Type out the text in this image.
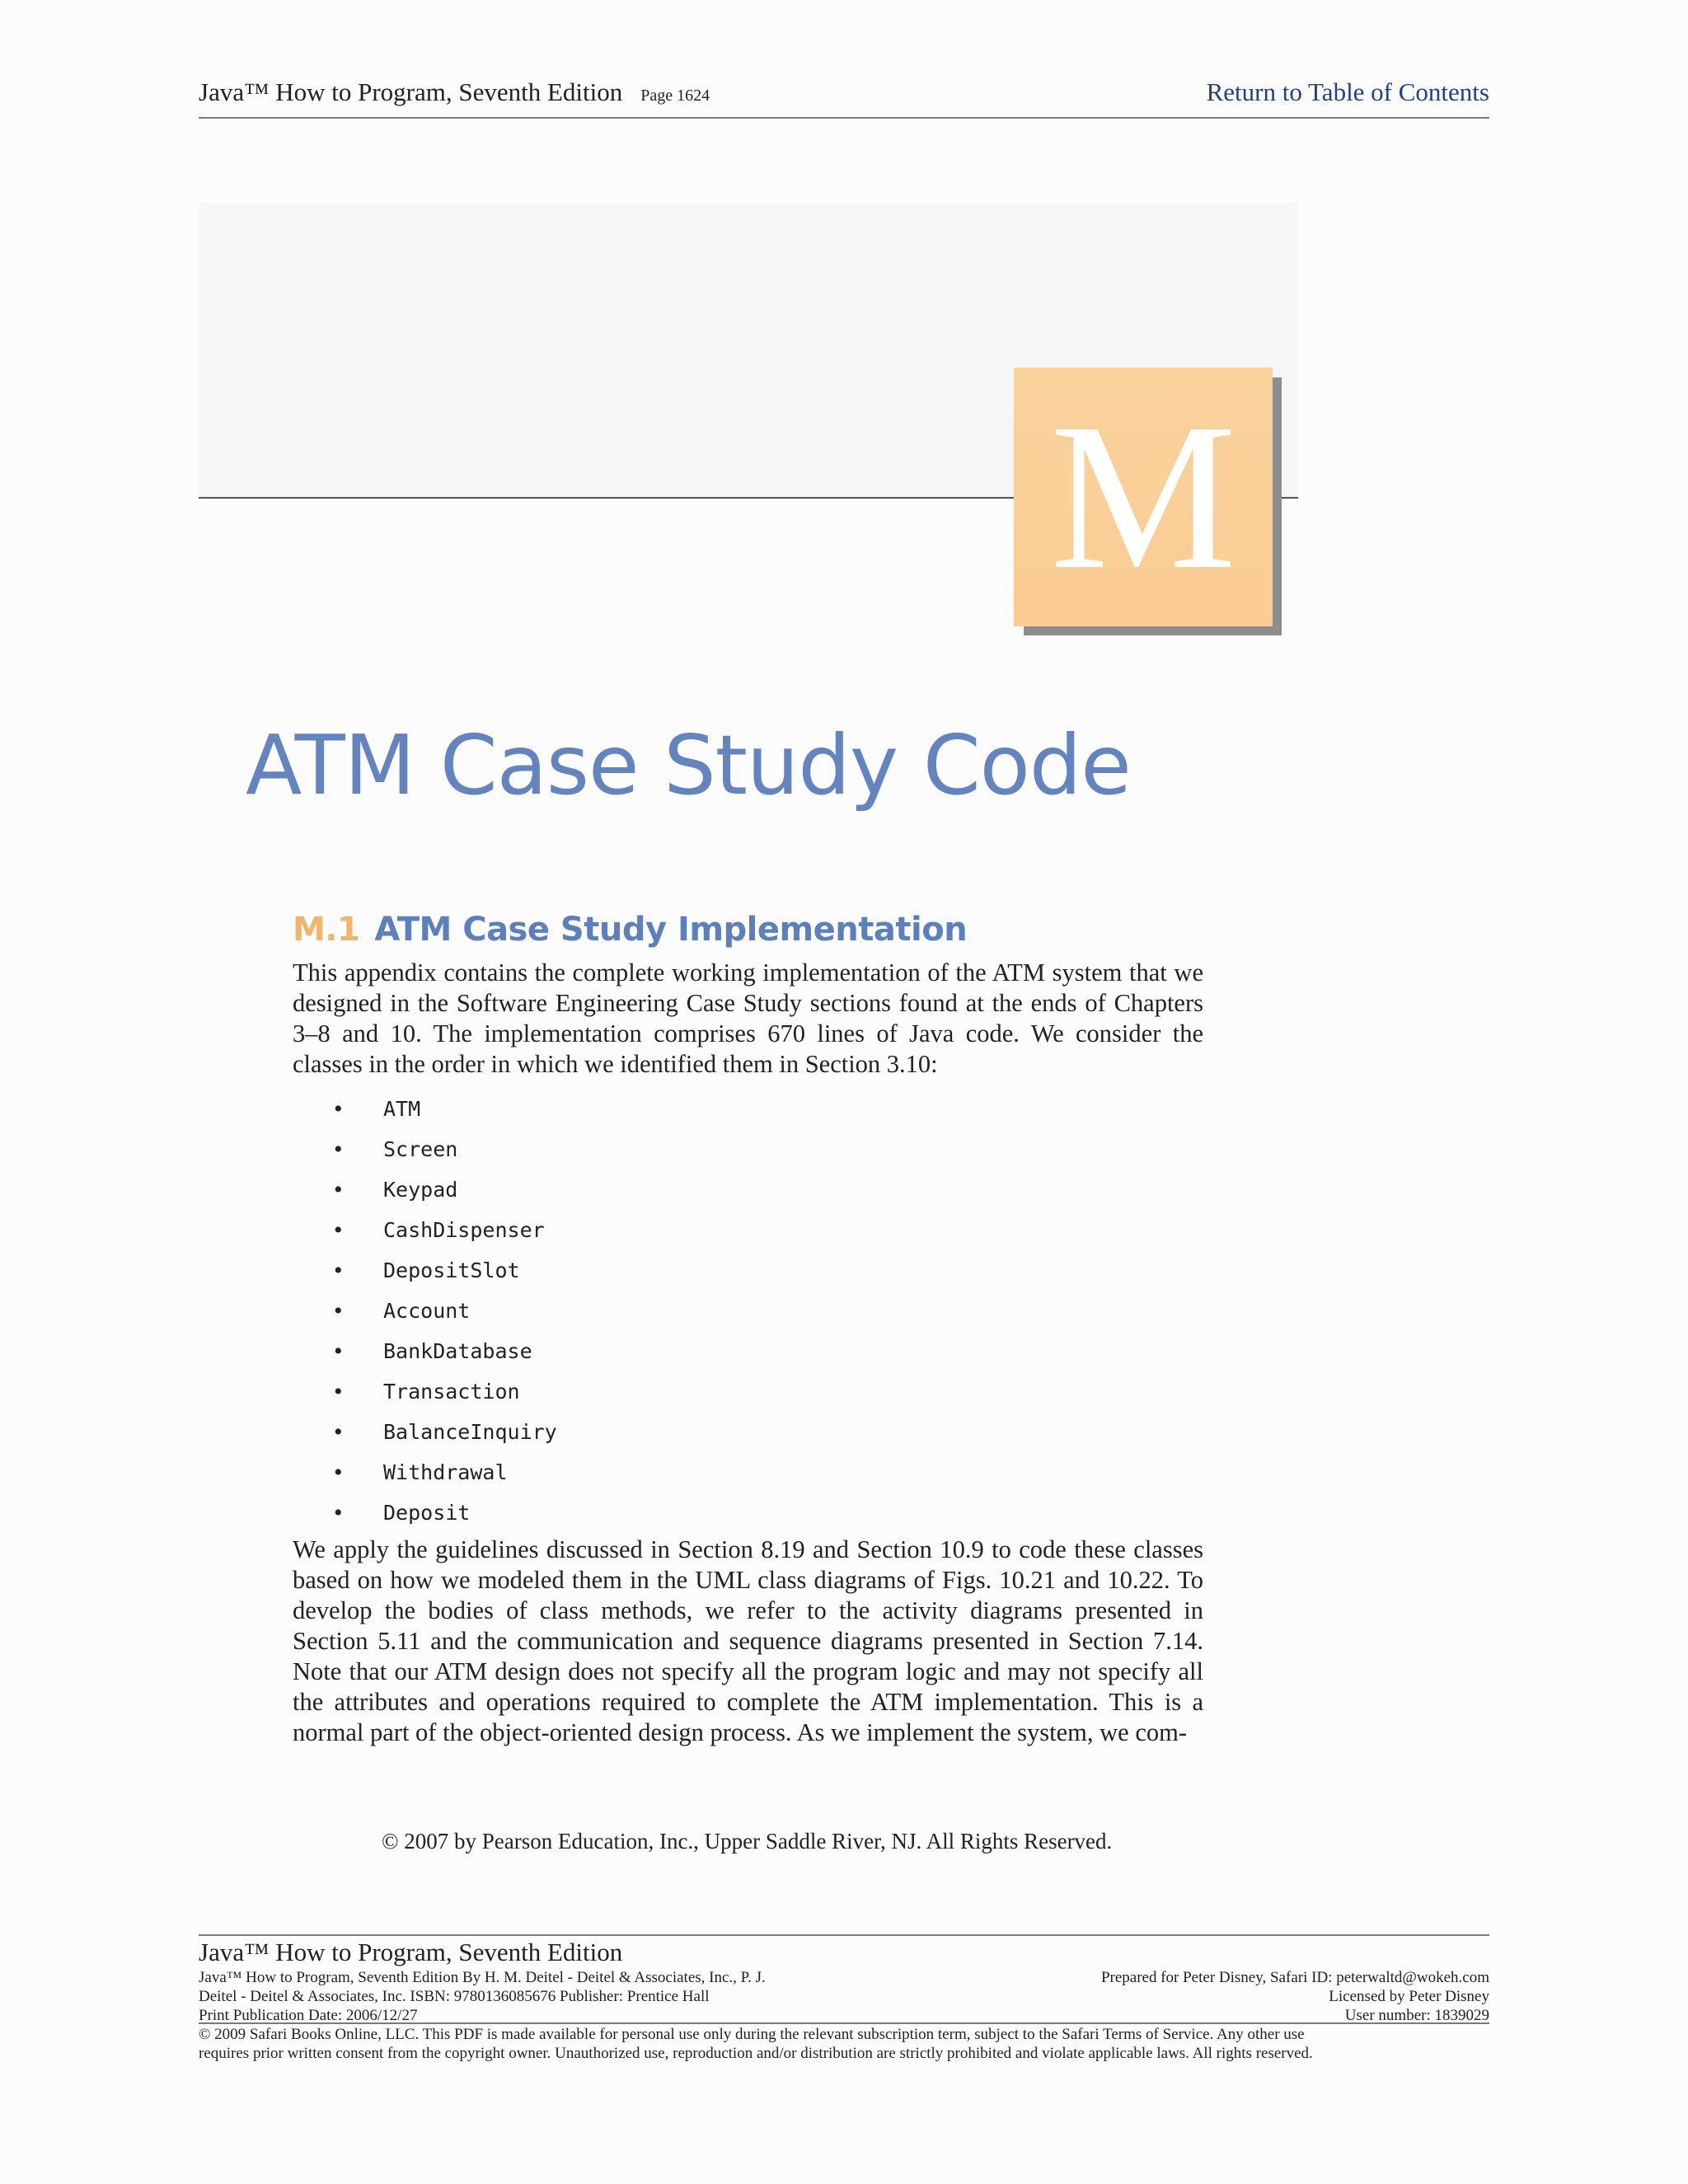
Java™ How to Program, Seventh Edition Page 1624	Return to Table of Contents
M
ATM Case Study Code
M.1 ATM Case Study Implementation

This appendix contains the complete working implementation of the ATM system that we designed in the Software Engineering Case Study sections found at the ends of Chapters 3–8 and 10. The implementation comprises 670 lines of Java code. We consider the classes in the order in which we identified them in Section 3.10:

• ATM
• Screen
• Keypad
• CashDispenser
• DepositSlot
• Account
• BankDatabase
• Transaction
• BalanceInquiry
• Withdrawal
• Deposit

We apply the guidelines discussed in Section 8.19 and Section 10.9 to code these classes based on how we modeled them in the UML class diagrams of Figs. 10.21 and 10.22. To develop the bodies of class methods, we refer to the activity diagrams presented in Section 5.11 and the communication and sequence diagrams presented in Section 7.14. Note that our ATM design does not specify all the program logic and may not specify all the attributes and operations required to complete the ATM implementation. This is a normal part of the object-oriented design process. As we implement the system, we com-

© 2007 by Pearson Education, Inc., Upper Saddle River, NJ. All Rights Reserved.
Java™ How to Program, Seventh Edition
Java™ How to Program, Seventh Edition By H. M. Deitel - Deitel & Associates, Inc., P. J.
Deitel - Deitel & Associates, Inc. ISBN: 9780136085676 Publisher: Prentice Hall
Print Publication Date: 2006/12/27
Prepared for Peter Disney, Safari ID: peterwaltd@wokeh.com
Licensed by Peter Disney
User number: 1839029
© 2009 Safari Books Online, LLC. This PDF is made available for personal use only during the relevant subscription term, subject to the Safari Terms of Service. Any other use
requires prior written consent from the copyright owner. Unauthorized use, reproduction and/or distribution are strictly prohibited and violate applicable laws. All rights reserved.
